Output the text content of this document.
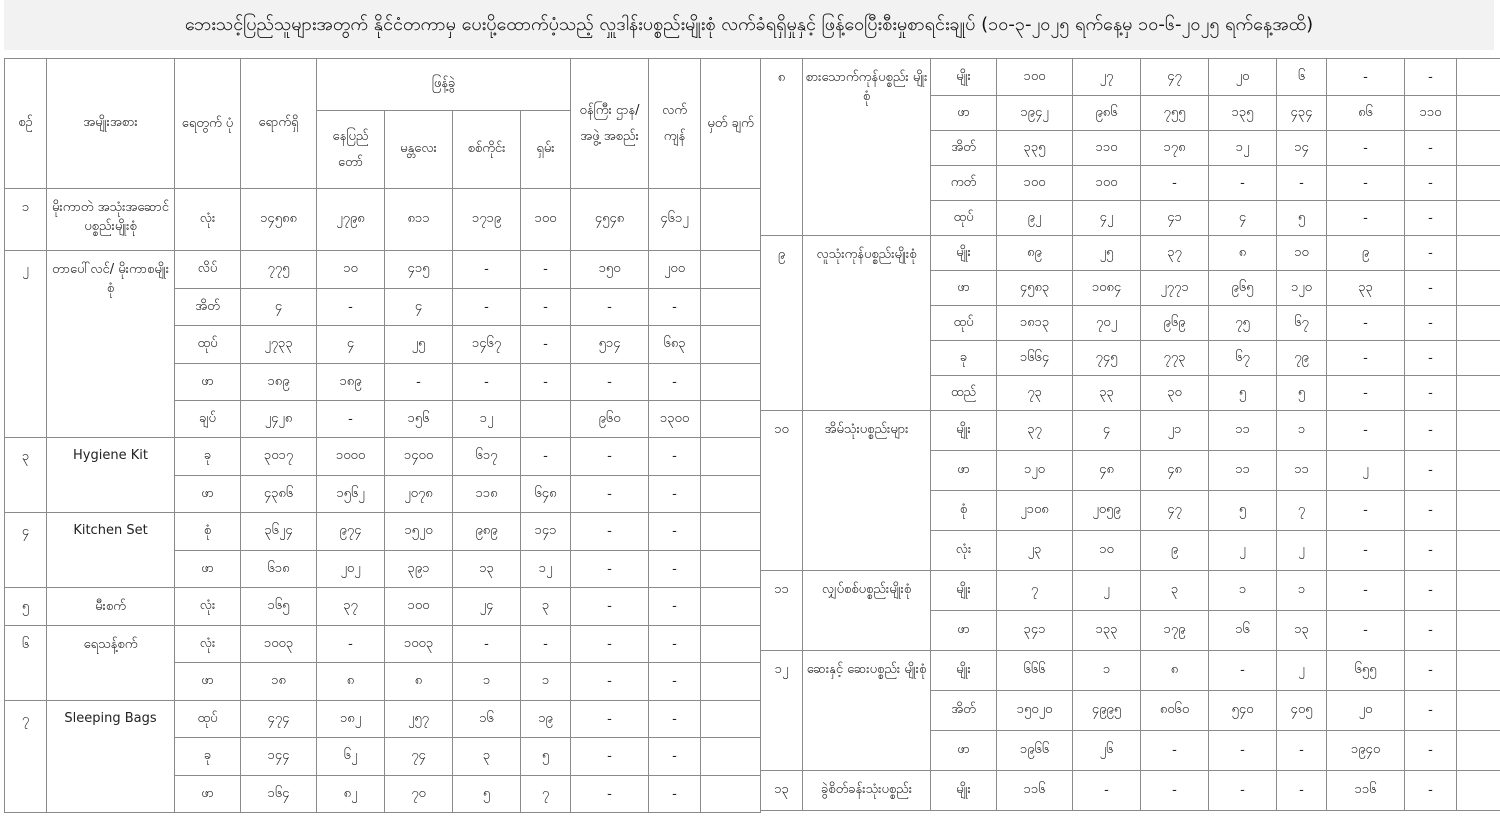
ဘေးသင့်ပြည်သူများအတွက် နိုင်ငံတကာမှ ပေးပို့ထောက်ပံ့သည့် လှူဒါန်းပစ္စည်းမျိုးစုံ လက်ခံရရှိမှုနှင့် ဖြန့်ဝေပြီးစီးမှုစာရင်းချုပ် (၁၀-၃-၂၀၂၅ ရက်နေ့မှ ၁၀-၆-၂၀၂၅ ရက်နေ့အထိ)
စဉ်	အမျိုးအစား	ရေတွက် ပုံ	ရောက်ရှိ	ဖြန့်ခွဲ				ဝန်ကြီး ဌာန/အဖွဲ့ အစည်း	လက် ကျန်	မှတ် ချက်
				နေပြည် တော်	မန္တလေး	စစ်ကိုင်း	ရှမ်း			
၁	မိုးကာတဲ အသုံးအဆောင်ပစ္စည်းမျိုးစုံ	လုံး	၁၄၅၈၈	၂၇၉၈	၈၁၁	၁၇၁၉	၁၀၀	၄၅၄၈	၄၆၁၂	
၂	တာပေါ်လင်/ မိုးကာစမျိုးစုံ	လိပ်	၇၇၅	၁၀	၄၁၅	-	-	၁၅၀	၂၀၀	
		အိတ်	၄	-	၄	-	-	-	-	
		ထုပ်	၂၇၃၃	၄	၂၅	၁၄၆၇	-	၅၁၄	၆၈၃	
		ဖာ	၁၈၉	၁၈၉	-	-	-	-	-	
		ချပ်	၂၄၂၈	-	၁၅၆	၁၂		၉၆၀	၁၃၀၀	
၃	Hygiene Kit	ခု	၃၀၁၇	၁၀၀၀	၁၄၀၀	၆၁၇	-	-	-	
		ဖာ	၄၃၈၆	၁၅၆၂	၂၀၇၈	၁၁၈	၆၄၈	-	-	
၄	Kitchen Set	စုံ	၃၆၂၄	၉၇၄	၁၅၂၀	၉၈၉	၁၄၁	-	-	
		ဖာ	၆၁၈	၂၀၂	၃၉၁	၁၃	၁၂	-	-	
၅	မီးစက်	လုံး	၁၆၅	၃၇	၁၀၀	၂၄	၃	-	-	
၆	ရေသန့်စက်	လုံး	၁၀၀၃	-	၁၀၀၃	-	-	-	-	
		ဖာ	၁၈	၈	၈	၁	၁	-	-	
၇	Sleeping Bags	ထုပ်	၄၇၄	၁၈၂	၂၅၇	၁၆	၁၉	-	-	
		ခု	၁၄၄	၆၂	၇၄	၃	၅	-	-	
		ဖာ	၁၆၄	၈၂	၇၀	၅	၇	-	-	
၈	စားသောက်ကုန်ပစ္စည်း မျိုးစုံ	မျိုး	၁၀၀	၂၇	၄၇	၂၀	၆	-	-	
		ဖာ	၁၉၄၂	၉၈၆	၇၅၅	၁၃၅	၄၃၄	၈၆	၁၁၀	
		အိတ်	၃၃၅	၁၁၀	၁၇၈	၁၂	၁၄	-	-	
		ကတ်	၁၀၀	၁၀၀	-	-	-	-	-	
		ထုပ်	၉၂	၄၂	၄၁	၄	၅	-	-	
၉	လူသုံးကုန်ပစ္စည်းမျိုးစုံ	မျိုး	၈၉	၂၅	၃၇	၈	၁၀	၉	-	
		ဖာ	၄၅၈၃	၁၀၈၄	၂၇၇၁	၉၆၅	၁၂၀	၃၃	-	
		ထုပ်	၁၈၁၃	၇၀၂	၉၆၉	၇၅	၆၇	-	-	
		ခု	၁၆၆၄	၇၄၅	၇၇၃	၆၇	၇၉	-	-	
		ထည်	၇၃	၃၃	၃၀	၅	၅	-	-	
၁၀	အိမ်သုံးပစ္စည်းများ	မျိုး	၃၇	၄	၂၁	၁၁	၁	-	-	
		ဖာ	၁၂၀	၄၈	၄၈	၁၁	၁၁	၂	-	
		စုံ	၂၁၀၈	၂၀၅၉	၄၇	၅	၇	-	-	
		လုံး	၂၃	၁၀	၉	၂	၂	-	-	
၁၁	လျှပ်စစ်ပစ္စည်းမျိုးစုံ	မျိုး	၇	၂	၃	၁	၁	-	-	
		ဖာ	၃၄၁	၁၃၃	၁၇၉	၁၆	၁၃	-	-	
၁၂	ဆေးနှင့် ဆေးပစ္စည်း မျိုးစုံ	မျိုး	၆၆၆	၁	၈	-	၂	၆၅၅	-	
		အိတ်	၁၅၀၂၀	၄၉၉၅	၈၀၆၀	၅၄၀	၄၀၅	၂၀	-	
		ဖာ	၁၉၆၆	၂၆	-	-	-	၁၉၄၀	-	
၁၃	ခွဲစိတ်ခန်းသုံးပစ္စည်း	မျိုး	၁၁၆	-	-	-	-	၁၁၆	-	
